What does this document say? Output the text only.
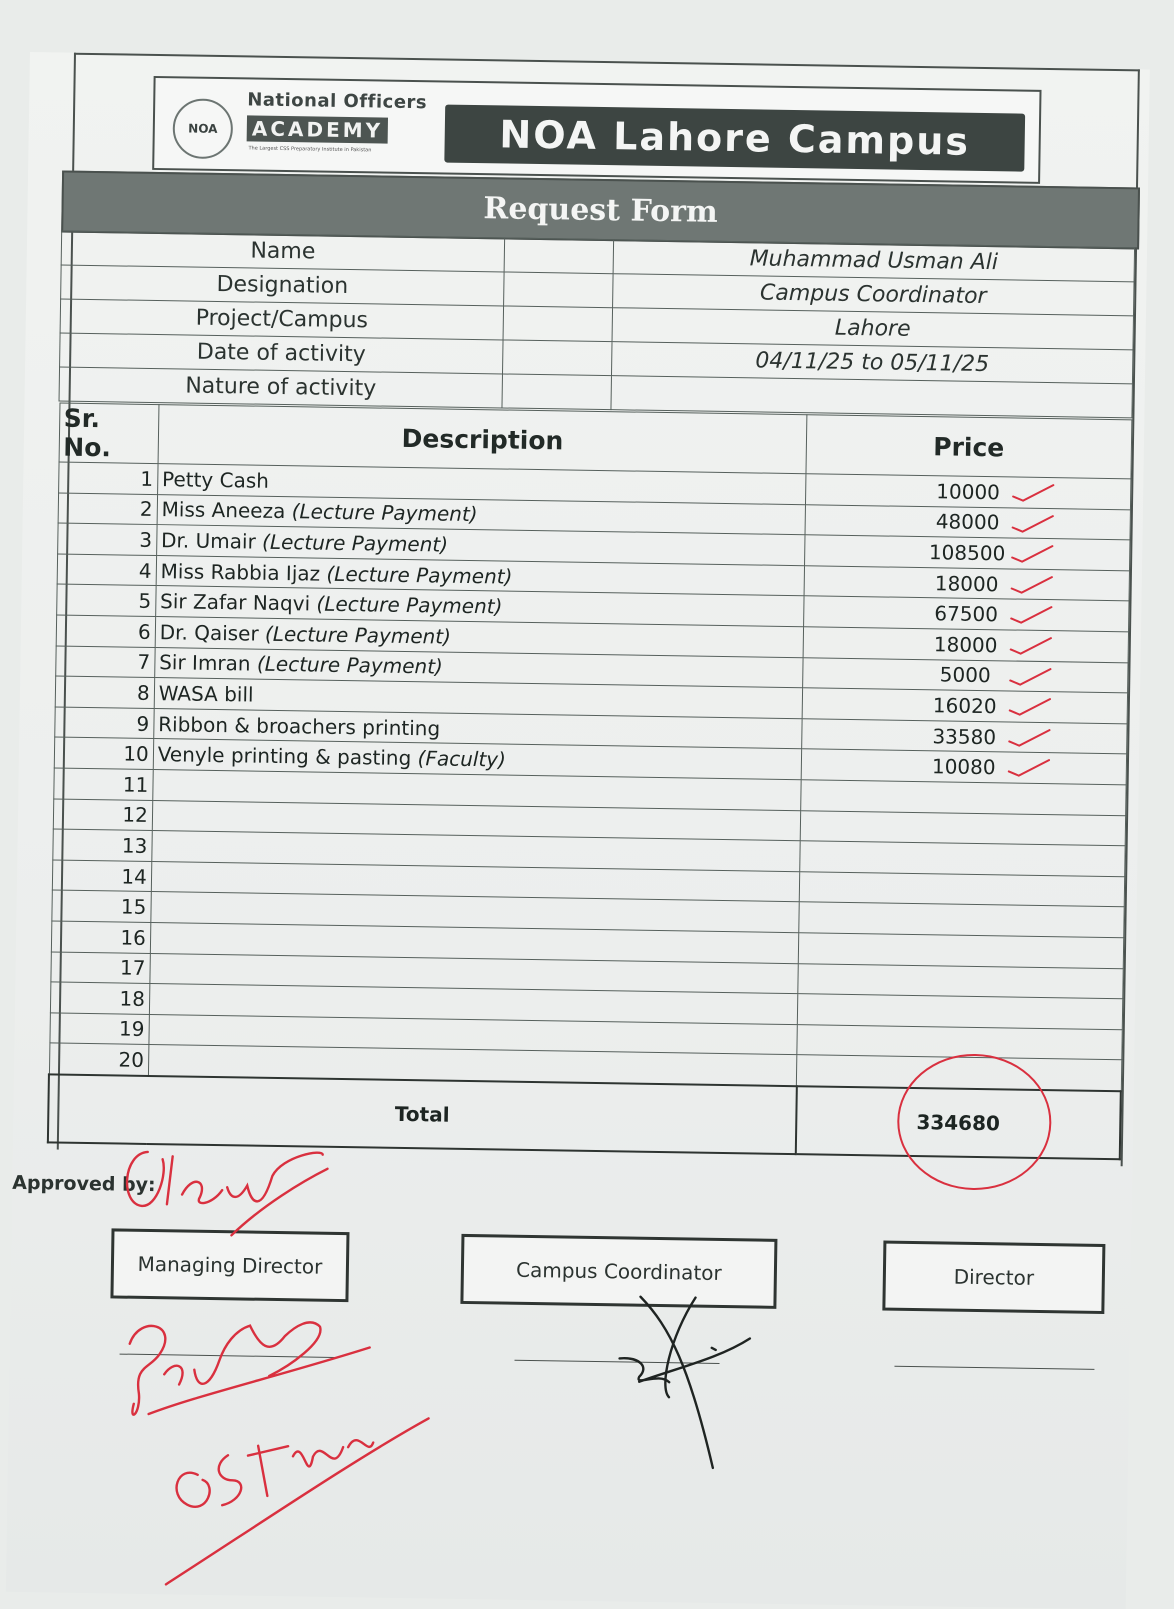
NOA
National Officers
ACADEMY
The Largest CSS Preparatory Institute in Pakistan	NOA Lahore Campus
Request Form
Name		Muhammad Usman Ali
Designation		Campus Coordinator
Project/Campus		Lahore
Date of activity		04/11/25 to 05/11/25
Nature of activity		
Sr. No.	Description	Price
1	Petty Cash	10000

2	Miss Aneeza (Lecture Payment)	48000

3	Dr. Umair (Lecture Payment)	108500

4	Miss Rabbia Ijaz (Lecture Payment)	18000

5	Sir Zafar Naqvi (Lecture Payment)	67500

6	Dr. Qaiser (Lecture Payment)	18000

7	Sir Imran (Lecture Payment)	5000

8	WASA bill	16020

9	Ribbon & broachers printing	33580

10	Venyle printing & pasting (Faculty)	10080

11		
12		
13		
14		
15		
16		
17		
18		
19		
20		
Total		334680
Approved by:
Managing Director	Campus Coordinator	Director
